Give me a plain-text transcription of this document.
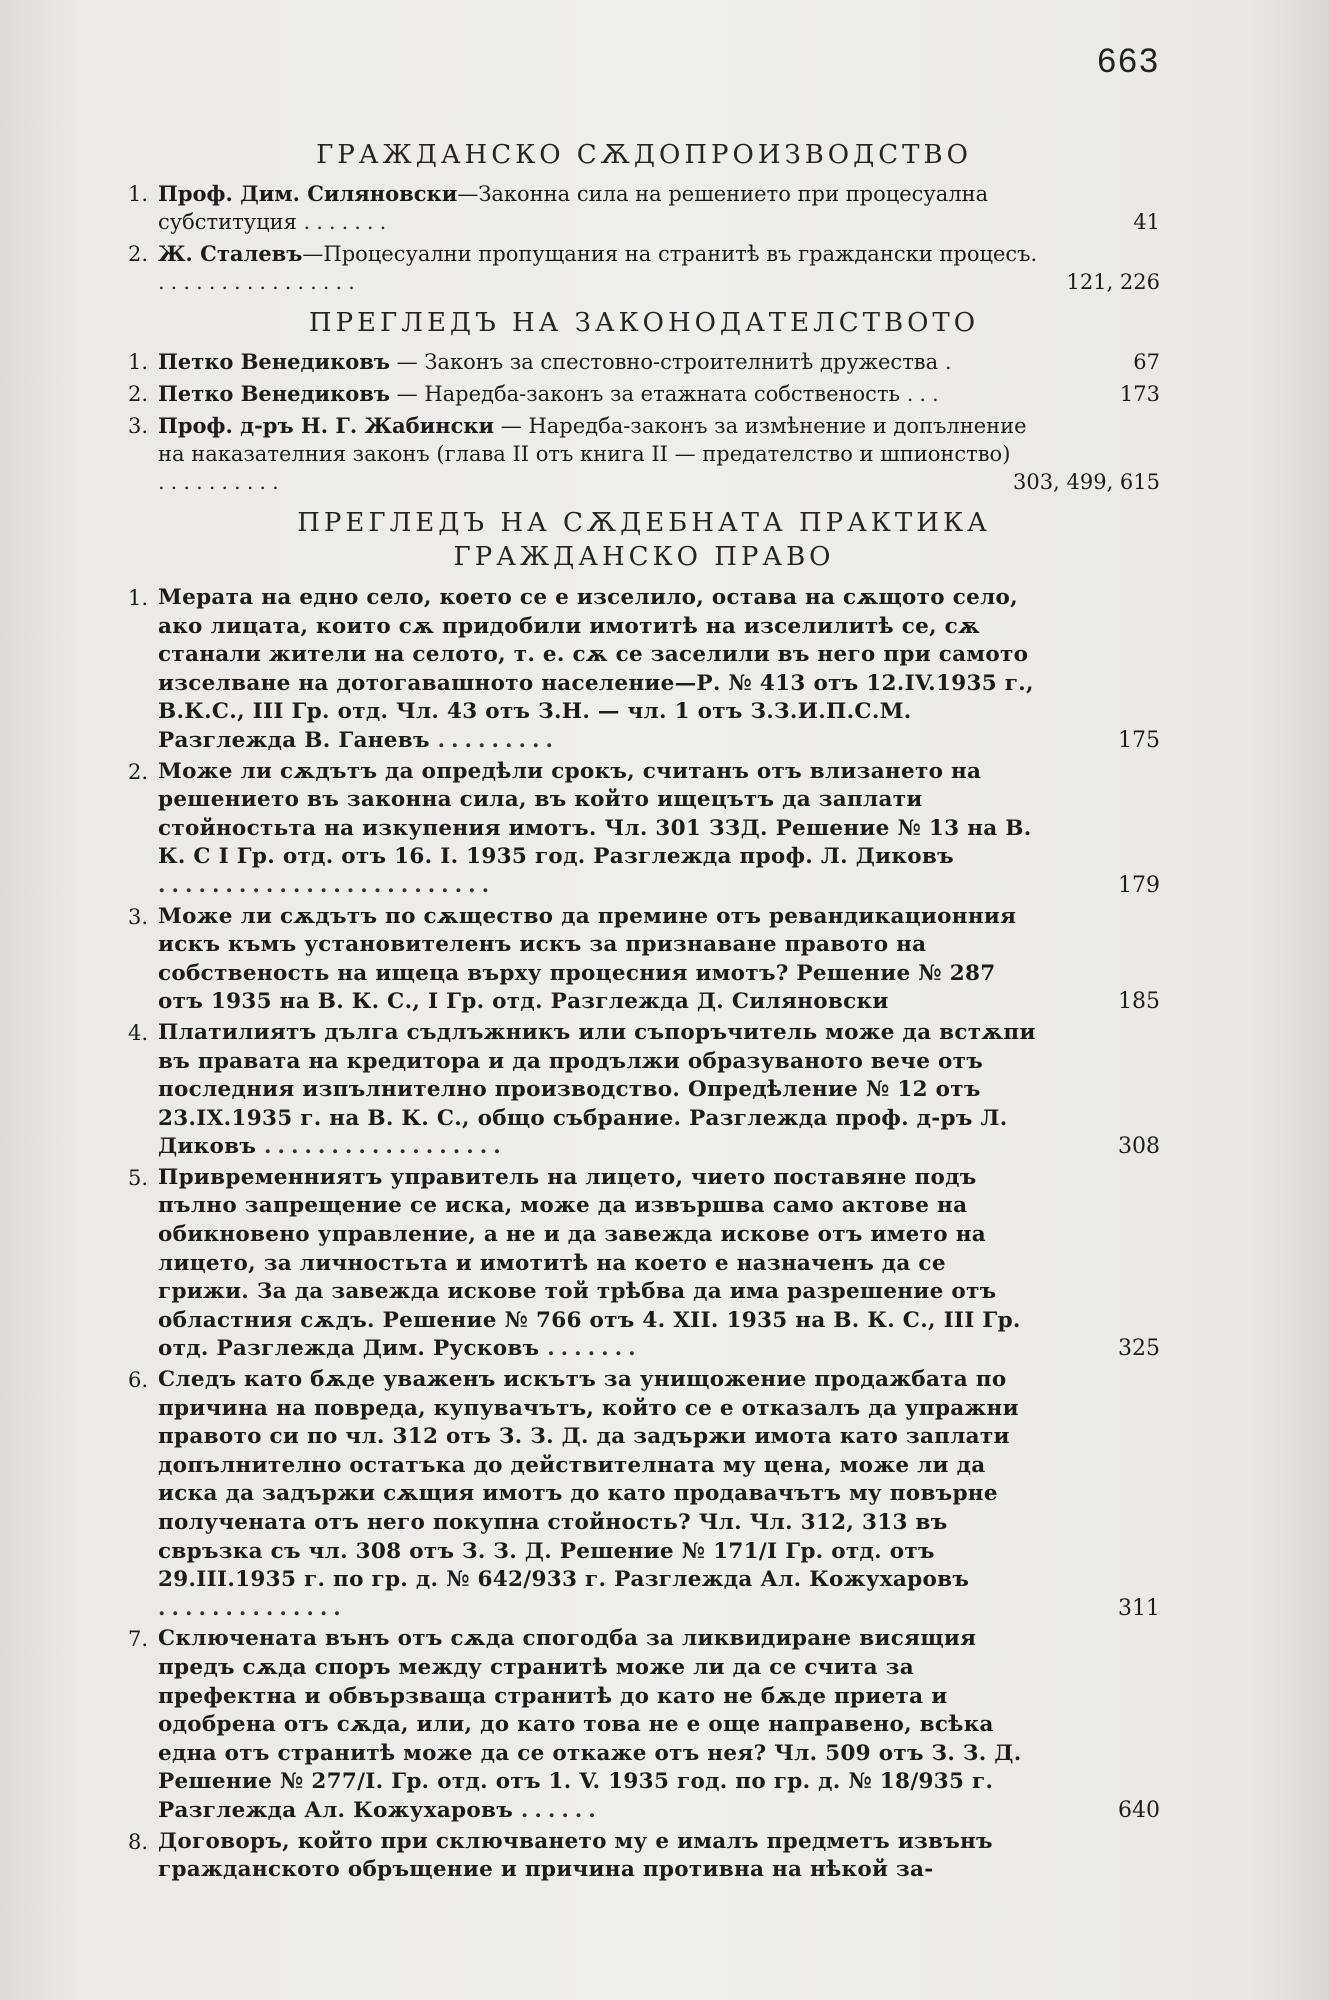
663
ГРАЖДАНСКО СѪДОПРОИЗВОДСТВО
1. Проф. Дим. Силяновски—Законна сила на решението при процесуална субституция .......	41
2. Ж. Сталевъ—Процесуални пропущания на странитѣ въ граждански процесъ. ................	121, 226
ПРЕГЛЕДЪ НА ЗАКОНОДАТЕЛСТВОТО
1. Петко Венедиковъ — Законъ за спестовно-строителнитѣ дружества .	67
2. Петко Венедиковъ — Наредба-законъ за етажната собственость ...	173
3. Проф. д-ръ Н. Г. Жабински — Наредба-законъ за измѣнение и допълнение на наказателния законъ (глава II отъ книга II — предателство и шпионство) ..........	303, 499, 615
ПРЕГЛЕДЪ НА СѪДЕБНАТА ПРАКТИКА
ГРАЖДАНСКО ПРАВО
1. Мерата на едно село, което се е изселило, остава на сѫщото село, ако лицата, които сѫ придобили имотитѣ на изселилитѣ се, сѫ станали жители на селото, т. е. сѫ се заселили въ него при самото изселване на дотогавашното население—Р. № 413 отъ 12.IV.1935 г., В.К.С., III Гр. отд. Чл. 43 отъ З.Н. — чл. 1 отъ З.З.И.П.С.М. Разглежда В. Ганевъ .........	175
2. Може ли сѫдътъ да опредѣли срокъ, считанъ отъ влизането на решението въ законна сила, въ който ищецътъ да заплати стойностьта на изкупения имотъ. Чл. 301 ЗЗД. Решение № 13 на В. К. С I Гр. отд. отъ 16. I. 1935 год. Разглежда проф. Л. Диковъ .........................	179
3. Може ли сѫдътъ по сѫщество да премине отъ ревандикационния искъ къмъ установителенъ искъ за признаване правото на собственость на ищеца върху процесния имотъ? Решение № 287 отъ 1935 на В. К. С., I Гр. отд. Разглежда Д. Силяновски	185
4. Платилиятъ дълга съдлъжникъ или съпоръчитель може да встѫпи въ правата на кредитора и да продължи образуваното вече отъ последния изпълнително производство. Опредѣление № 12 отъ 23.IX.1935 г. на В. К. С., общо събрание. Разглежда проф. д-ръ Л. Диковъ ..................	308
5. Привременниятъ управитель на лицето, чието поставяне подъ пълно запрещение се иска, може да извършва само актове на обикновено управление, а не и да завежда искове отъ името на лицето, за личностьта и имотитѣ на което е назначенъ да се грижи. За да завежда искове той трѣбва да има разрешение отъ областния сѫдъ. Решение № 766 отъ 4. XII. 1935 на В. К. С., III Гр. отд. Разглежда Дим. Русковъ .......	325
6. Следъ като бѫде уваженъ искътъ за унищожение продажбата по причина на повреда, купувачътъ, който се е отказалъ да упражни правото си по чл. 312 отъ З. З. Д. да задържи имота като заплати допълнително остатъка до действителната му цена, може ли да иска да задържи сѫщия имотъ до като продавачътъ му повърне получената отъ него покупна стойность? Чл. Чл. 312, 313 въ свръзка съ чл. 308 отъ З. З. Д. Решение № 171/I Гр. отд. отъ 29.III.1935 г. по гр. д. № 642/933 г. Разглежда Ал. Кожухаровъ ..............	311
7. Сключената вънъ отъ сѫда спогодба за ликвидиране висящия предъ сѫда споръ между странитѣ може ли да се счита за префектна и обвързваща странитѣ до като не бѫде приета и одобрена отъ сѫда, или, до като това не е още направено, всѣка една отъ странитѣ може да се откаже отъ нея? Чл. 509 отъ З. З. Д. Решение № 277/I. Гр. отд. отъ 1. V. 1935 год. по гр. д. № 18/935 г. Разглежда Ал. Кожухаровъ ......	640
8. Договоръ, който при сключването му е ималъ предметъ извънъ гражданското обръщение и причина противна на нѣкой за-
